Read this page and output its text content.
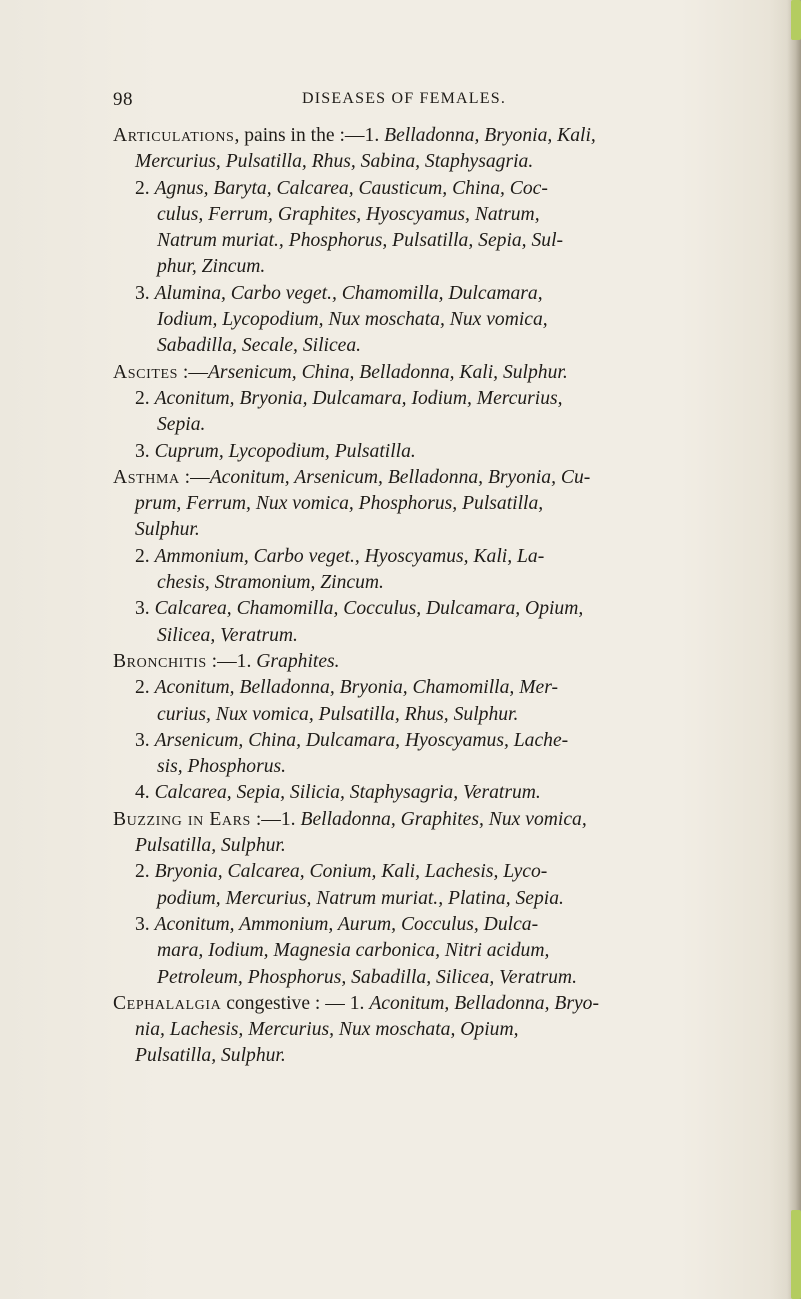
98	DISEASES OF FEMALES.
Articulations, pains in the :—1. Belladonna, Bryonia, Kali,
Mercurius, Pulsatilla, Rhus, Sabina, Staphysagria.
2. Agnus, Baryta, Calcarea, Causticum, China, Coc-
culus, Ferrum, Graphites, Hyoscyamus, Natrum,
Natrum muriat., Phosphorus, Pulsatilla, Sepia, Sul-
phur, Zincum.
3. Alumina, Carbo veget., Chamomilla, Dulcamara,
Iodium, Lycopodium, Nux moschata, Nux vomica,
Sabadilla, Secale, Silicea.
Ascites :—Arsenicum, China, Belladonna, Kali, Sulphur.
2. Aconitum, Bryonia, Dulcamara, Iodium, Mercurius,
Sepia.
3. Cuprum, Lycopodium, Pulsatilla.
Asthma :—Aconitum, Arsenicum, Belladonna, Bryonia, Cu-
prum, Ferrum, Nux vomica, Phosphorus, Pulsatilla,
Sulphur.
2. Ammonium, Carbo veget., Hyoscyamus, Kali, La-
chesis, Stramonium, Zincum.
3. Calcarea, Chamomilla, Cocculus, Dulcamara, Opium,
Silicea, Veratrum.
Bronchitis :—1. Graphites.
2. Aconitum, Belladonna, Bryonia, Chamomilla, Mer-
curius, Nux vomica, Pulsatilla, Rhus, Sulphur.
3. Arsenicum, China, Dulcamara, Hyoscyamus, Lache-
sis, Phosphorus.
4. Calcarea, Sepia, Silicia, Staphysagria, Veratrum.
Buzzing in Ears :—1. Belladonna, Graphites, Nux vomica,
Pulsatilla, Sulphur.
2. Bryonia, Calcarea, Conium, Kali, Lachesis, Lyco-
podium, Mercurius, Natrum muriat., Platina, Sepia.
3. Aconitum, Ammonium, Aurum, Cocculus, Dulca-
mara, Iodium, Magnesia carbonica, Nitri acidum,
Petroleum, Phosphorus, Sabadilla, Silicea, Veratrum.
Cephalalgia congestive : — 1. Aconitum, Belladonna, Bryo-
nia, Lachesis, Mercurius, Nux moschata, Opium,
Pulsatilla, Sulphur.
